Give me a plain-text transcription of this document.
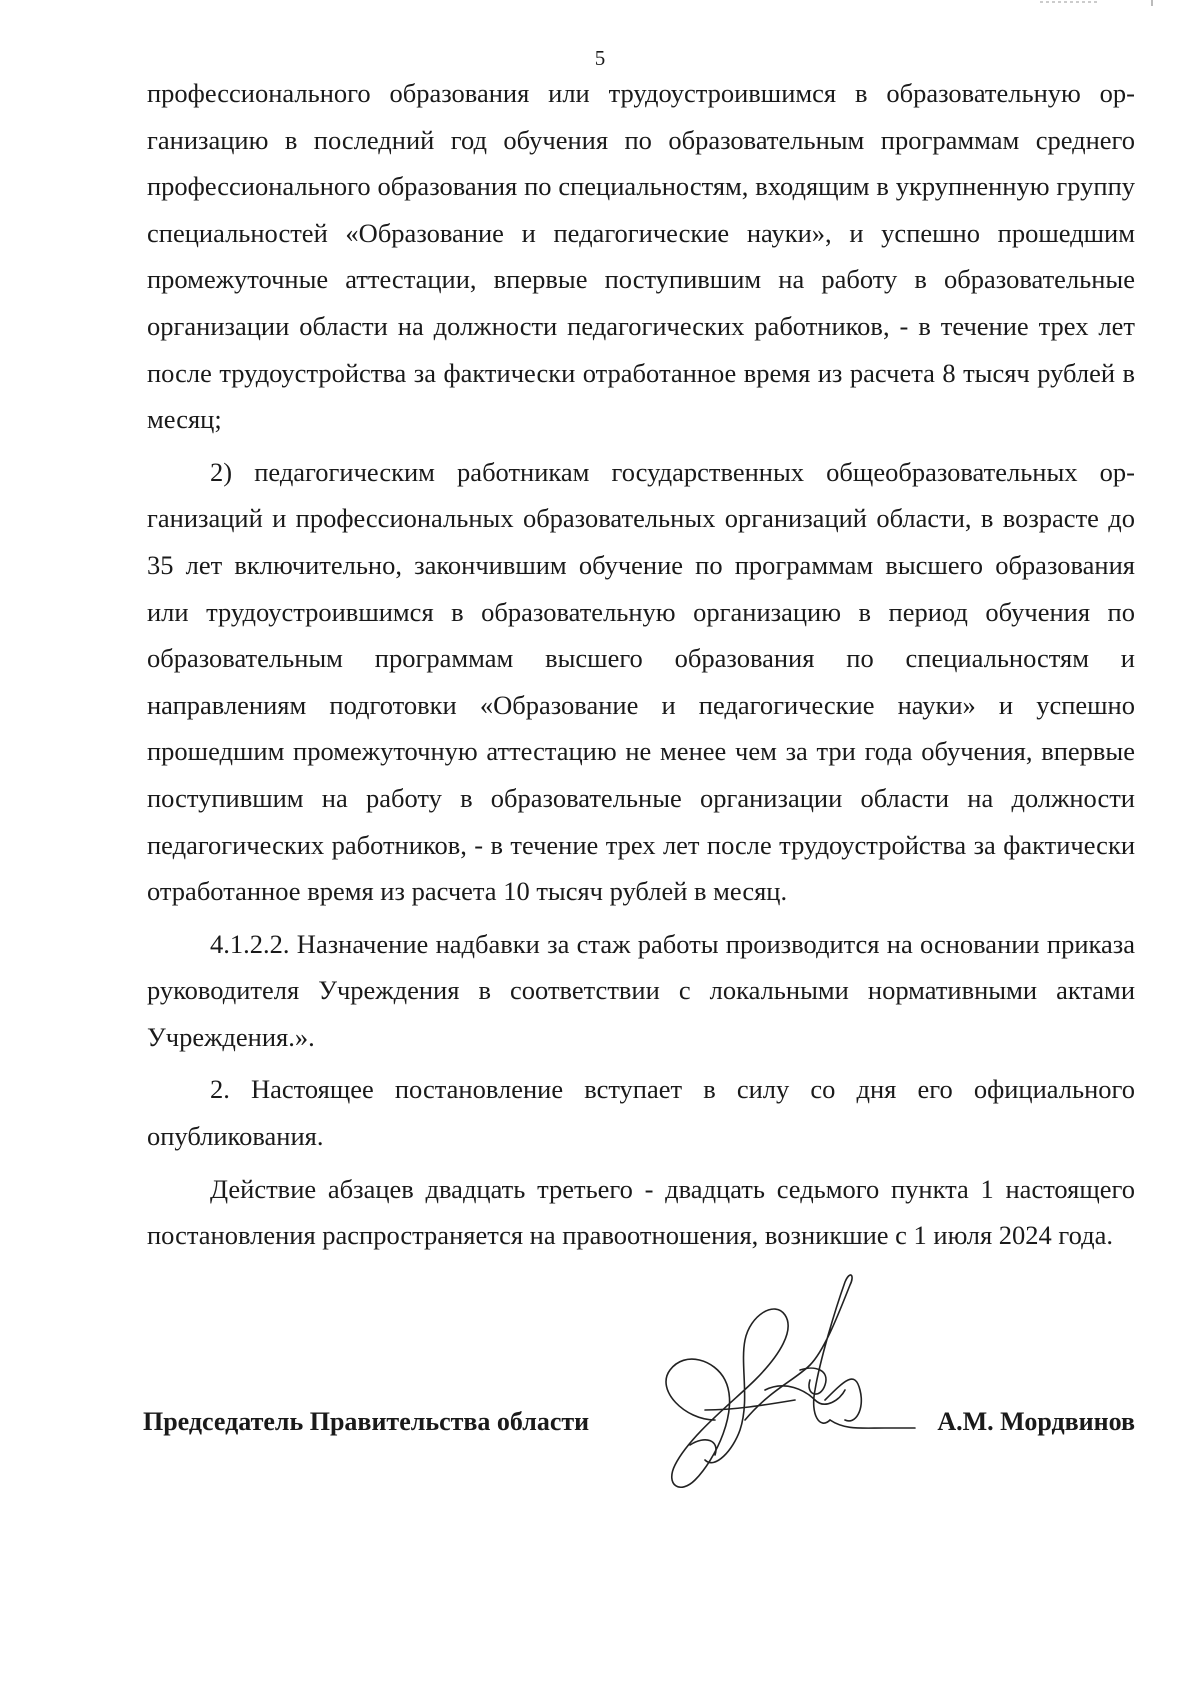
5

профессионального образования или трудоустроившимся в образовательную организацию в последний год обучения по образовательным программам среднего профессионального образования по специальностям, входящим в укрупненную группу специальностей «Образование и педагогические науки», и успешно прошедшим промежуточные аттестации, впервые поступившим на работу в образовательные организации области на должности педагогических работников, - в течение трех лет после трудоустройства за фактически отработанное время из расчета 8 тысяч рублей в месяц;

2) педагогическим работникам государственных общеобразовательных организаций и профессиональных образовательных организаций области, в возрасте до 35 лет включительно, закончившим обучение по программам высшего образования или трудоустроившимся в образовательную организацию в период обучения по образовательным программам высшего образования по специальностям и направлениям подготовки «Образование и педагогические науки» и успешно прошедшим промежуточную аттестацию не менее чем за три года обучения, впервые поступившим на работу в образовательные организации области на должности педагогических работников, - в течение трех лет после трудоустройства за фактически отработанное время из расчета 10 тысяч рублей в месяц.

4.1.2.2. Назначение надбавки за стаж работы производится на основании приказа руководителя Учреждения в соответствии с локальными нормативными актами Учреждения.».

2. Настоящее постановление вступает в силу со дня его официального опубликования.

Действие абзацев двадцать третьего - двадцать седьмого пункта 1 настоящего постановления распространяется на правоотношения, возникшие с 1 июля 2024 года.

Председатель Правительства области	А.М. Мордвинов
